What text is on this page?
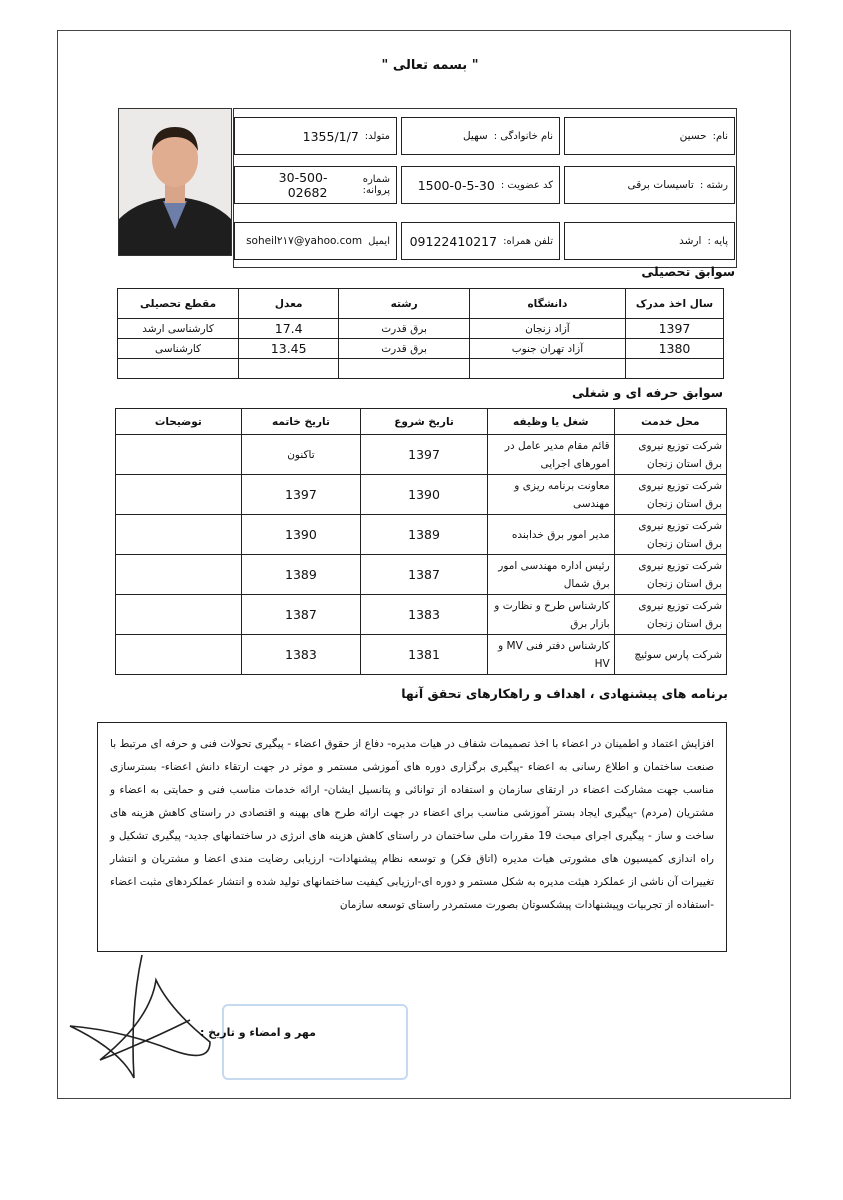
" بسمه تعالی "
نام:
حسین
نام خانوادگی :
سهیل
متولد:
1355/1/7
رشته :
تاسیسات برقی
کد عضویت :
1500-0-5-30
شماره پروانه:
30-500-02682
پایه :
ارشد
تلفن همراه:
09122410217
ایمیل
soheil۲۱۷@yahoo.com
سوابق تحصیلی
سال اخذ مدرک	دانشگاه	رشته	معدل	مقطع تحصیلی
1397	آزاد زنجان	برق قدرت	17.4	کارشناسی ارشد
1380	آزاد تهران جنوب	برق قدرت	13.45	کارشناسی

سوابق حرفه ای و شغلی
محل خدمت	شغل یا وظیفه	تاریخ شروع	تاریخ خاتمه	توضیحات
شرکت توزیع نیروی برق استان زنجان	قائم مقام مدیر عامل در امورهای اجرایی	1397	تاکنون	
شرکت توزیع نیروی برق استان زنجان	معاونت برنامه ریزی و مهندسی	1390	1397	
شرکت توزیع نیروی برق استان زنجان	مدیر امور برق خدابنده	1389	1390	
شرکت توزیع نیروی برق استان زنجان	رئیس اداره مهندسی امور برق شمال	1387	1389	
شرکت توزیع نیروی برق استان زنجان	کارشناس طرح و نظارت و بازار برق	1383	1387	
شرکت پارس سوئیچ	کارشناس دفتر فنی MV و HV	1381	1383	
برنامه های پیشنهادی ، اهداف و راهکارهای تحقق آنها
افزایش اعتماد و اطمینان در اعضاء با اخذ تصمیمات شفاف در هیات مدیره- دفاع از حقوق اعضاء - پیگیری تحولات فنی و حرفه ای مرتبط با صنعت ساختمان و اطلاع رسانی به اعضاء -پیگیری برگزاری دوره های آموزشی مستمر و موثر در جهت ارتقاء دانش اعضاء- بسترسازی مناسب جهت مشارکت اعضاء در ارتقای سازمان و استفاده از توانائی و پتانسیل ایشان- ارائه خدمات مناسب فنی و حمایتی به اعضاء و مشتریان (مردم) -پیگیری ایجاد بستر آموزشی مناسب برای اعضاء در جهت ارائه طرح های بهینه و اقتصادی در راستای کاهش هزینه های ساخت و ساز - پیگیری اجرای مبحث 19 مقررات ملی ساختمان در راستای کاهش هزینه های انرژی در ساختمانهای جدید- پیگیری تشکیل و راه اندازی کمیسیون های مشورتی هیات مدیره (اتاق فکر) و توسعه نظام پیشنهادات- ارزیابی رضایت مندی اعضا و مشتریان و انتشار تغییرات آن ناشی از عملکرد هیئت مدیره به شکل مستمر و دوره ای-ارزیابی کیفیت ساختمانهای تولید شده و انتشار عملکردهای مثبت اعضاء -استفاده از تجربیات وپیشنهادات پیشکسوتان بصورت مستمردر راستای توسعه سازمان
مهر و امضاء و تاریخ :
